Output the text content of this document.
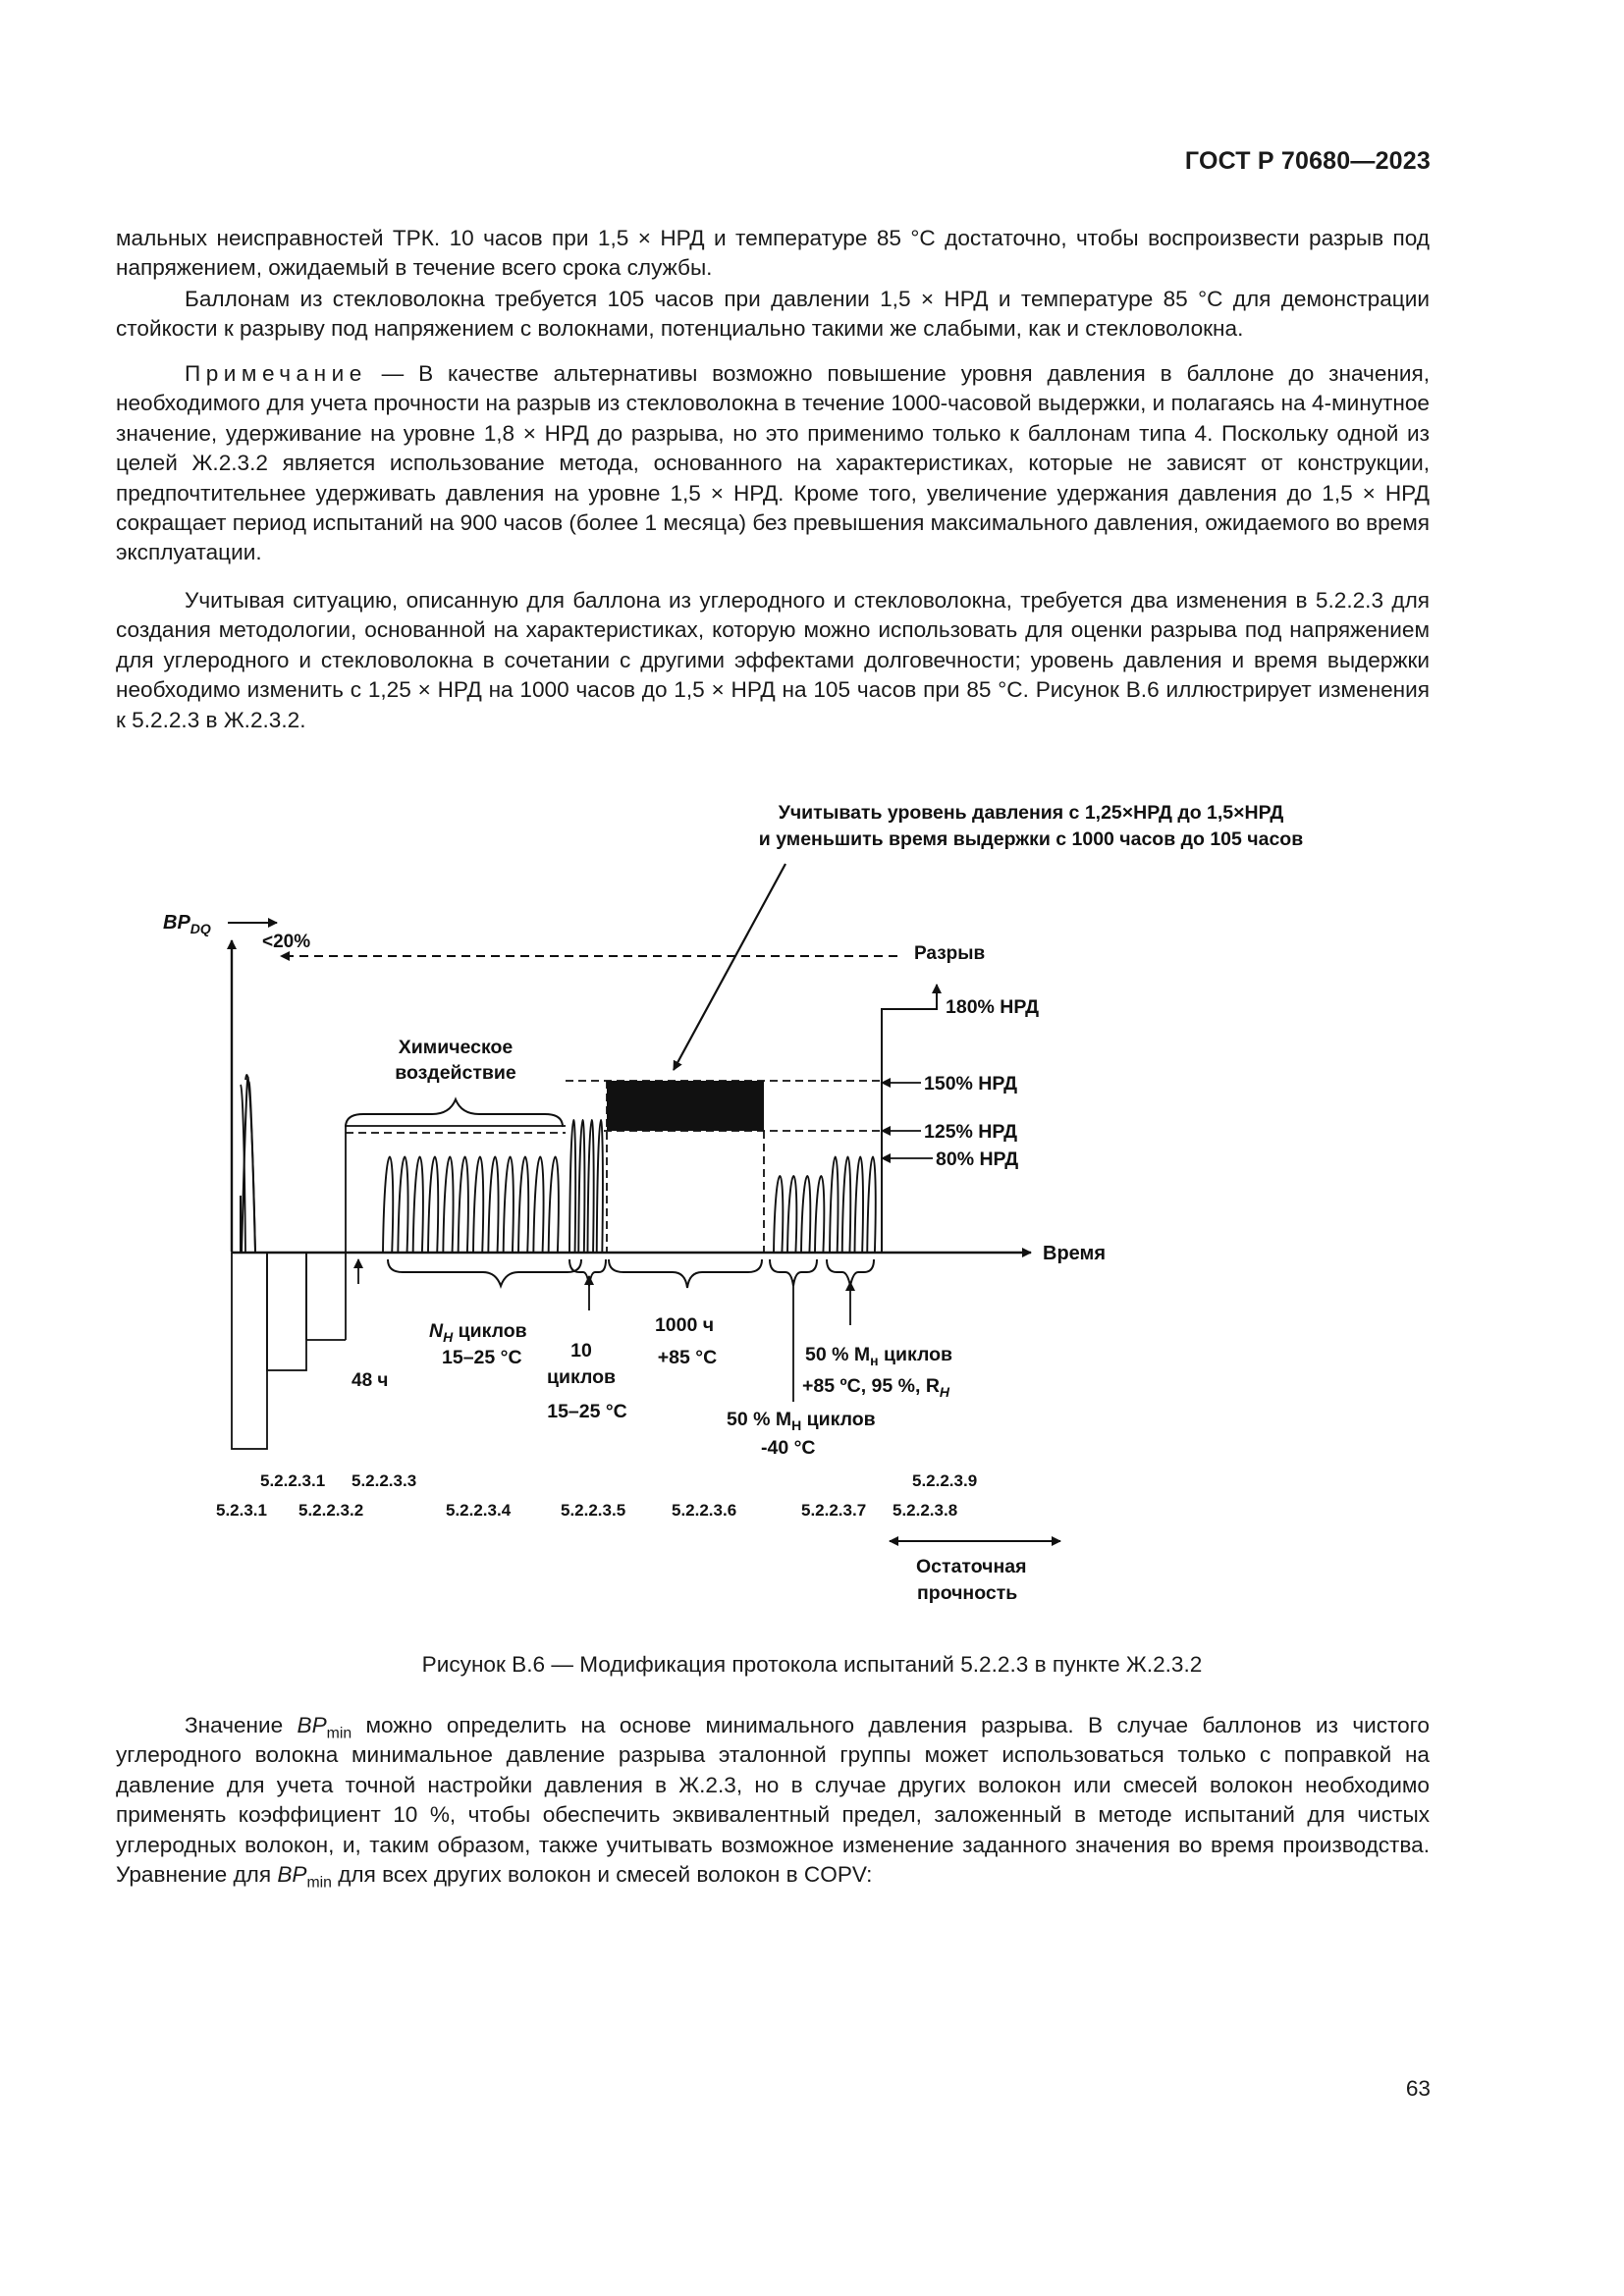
ГОСТ Р 70680—2023

мальных неисправностей ТРК. 10 часов при 1,5 × НРД и температуре 85 °С достаточно, чтобы воспроизвести разрыв под напряжением, ожидаемый в течение всего срока службы.

Баллонам из стекловолокна требуется 105 часов при давлении 1,5 × НРД и температуре 85 °С для демонстрации стойкости к разрыву под напряжением с волокнами, потенциально такими же слабыми, как и стекловолокна.

Примечание — В качестве альтернативы возможно повышение уровня давления в баллоне до значения, необходимого для учета прочности на разрыв из стекловолокна в течение 1000-часовой выдержки, и полагаясь на 4-минутное значение, удерживание на уровне 1,8 × НРД до разрыва, но это применимо только к баллонам типа 4. Поскольку одной из целей Ж.2.3.2 является использование метода, основанного на характеристиках, которые не зависят от конструкции, предпочтительнее удерживать давления на уровне 1,5 × НРД. Кроме того, увеличение удержания давления до 1,5 × НРД сокращает период испытаний на 900 часов (более 1 месяца) без превышения максимального давления, ожидаемого во время эксплуатации.

Учитывая ситуацию, описанную для баллона из углеродного и стекловолокна, требуется два изменения в 5.2.2.3 для создания методологии, основанной на характеристиках, которую можно использовать для оценки разрыва под напряжением для углеродного и стекловолокна в сочетании с другими эффектами долговечности; уровень давления и время выдержки необходимо изменить с 1,25 × НРД на 1000 часов до 1,5 × НРД на 105 часов при 85 °С. Рисунок В.6 иллюстрирует изменения к 5.2.2.3 в Ж.2.3.2.

Учитывать уровень давления с 1,25×НРД до 1,5×НРД
и уменьшить время выдержки с 1000 часов до 105 часов
$BP_{DQ}$
<20%
Разрыв
Время
Химическое
воздействие
180% НРД
150% НРД
125% НРД
80% НРД
48 ч
$N_Н$ циклов
15–25 °С	10
циклов
15–25 °С
1000 ч
+85 °С	50 % $M_н$ циклов
+85 ºС, 95 %, $R_Н$
50 % $M_Н$ циклов
-40 °С
5.2.2.3.1 5.2.2.3.3	5.2.2.3.9
5.2.3.1 5.2.2.3.2	5.2.2.3.4	5.2.2.3.5	5.2.2.3.6	5.2.2.3.7 5.2.2.3.8
Остаточная
прочность
Рисунок В.6 — Модификация протокола испытаний 5.2.2.3 в пункте Ж.2.3.2

Значение $BP_{min}$ можно определить на основе минимального давления разрыва. В случае баллонов из чистого углеродного волокна минимальное давление разрыва эталонной группы может использоваться только с поправкой на давление для учета точной настройки давления в Ж.2.3, но в случае других волокон или смесей волокон необходимо применять коэффициент 10 %, чтобы обеспечить эквивалентный предел, заложенный в методе испытаний для чистых углеродных волокон, и, таким образом, также учитывать возможное изменение заданного значения во время производства. Уравнение для $BP_{min}$ для всех других волокон и смесей волокон в COPV:

63
